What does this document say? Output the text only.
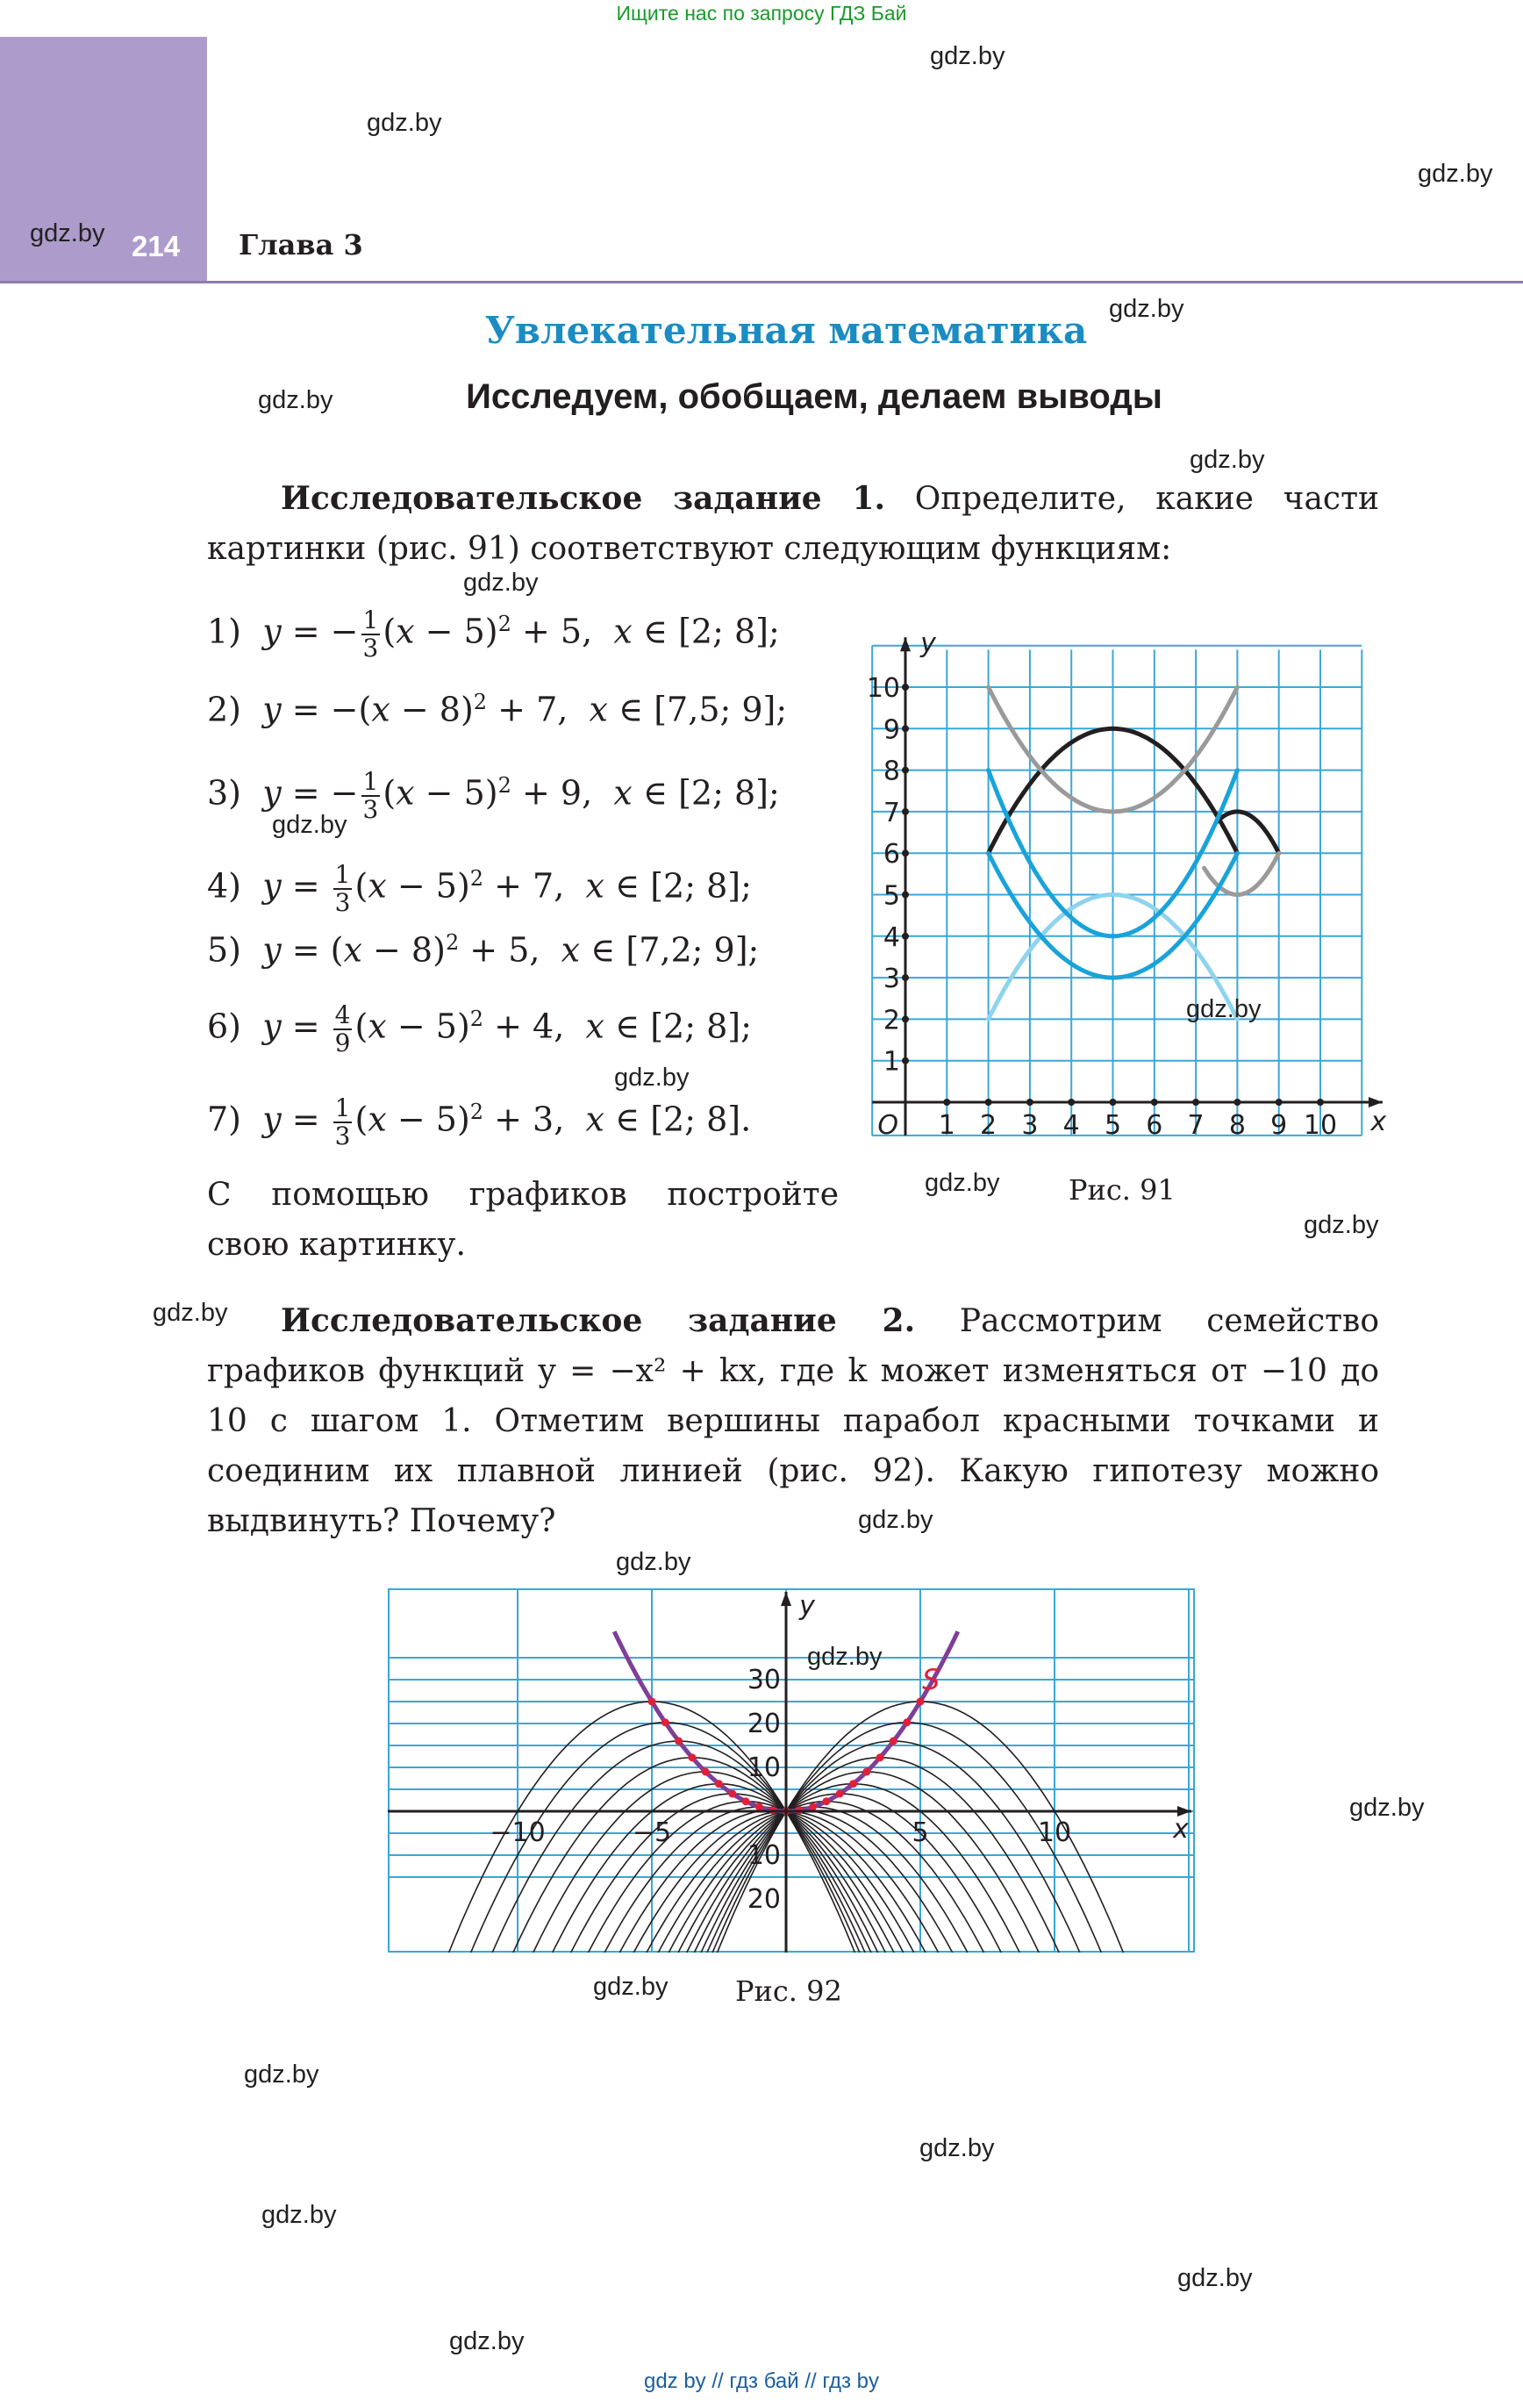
Ищите нас по запросу ГДЗ Бай
214 Глава 3
Увлекательная математика
Исследуем, обобщаем, делаем выводы
Исследовательское задание 1. Определите, какие части картинки (рис. 91) соответствуют следующим функциям:
1) y = − $\frac{1}{3} (x - 5)^2 + 5$,  x ∈ [2; 8];
2) $y = -(x - 8)^2 + 7$,  x ∈ [7,5; 9];
3) y = − $\frac{1}{3} (x - 5)^2 + 9$,  x ∈ [2; 8];
4) $y = \frac{1}{3} (x - 5)^2 + 7$,  x ∈ [2; 8];
5) $y = (x - 8)^2 + 5$,  x ∈ [7,2; 9];
6) $y = \frac{4}{9} (x - 5)^2 + 4$,  x ∈ [2; 8];
7) $y = \frac{1}{3} (x - 5)^2 + 3$,  x ∈ [2; 8].
С помощью графиков постройте свою картинку.
1 2 3 4 5 6 7 8 9 10
1
2
3
4
5
6
7
8
9
10
O	x
y
Рис. 91
Исследовательское задание 2. Рассмотрим семейство графиков функций y = −x² + kx, где k может изменяться от −10 до 10 с шагом 1. Отметим вершины парабол красными точками и соединим их плавной линией (рис. 92). Какую гипотезу можно выдвинуть? Почему?
−10	−5	5	10
10
20
30
10
20
x
y
S
Рис. 92
gdz.by
gdz.by
gdz.by
gdz.by
gdz.by
gdz.by
gdz.by
gdz.by
gdz.by
gdz.by
gdz.by
gdz.by
gdz.by
gdz.by
gdz.by
gdz.by
gdz.by
gdz.by
gdz.by
gdz.by
gdz.by
gdz.by
gdz.by
gdz.by
gdz by // гдз бай // гдз by
